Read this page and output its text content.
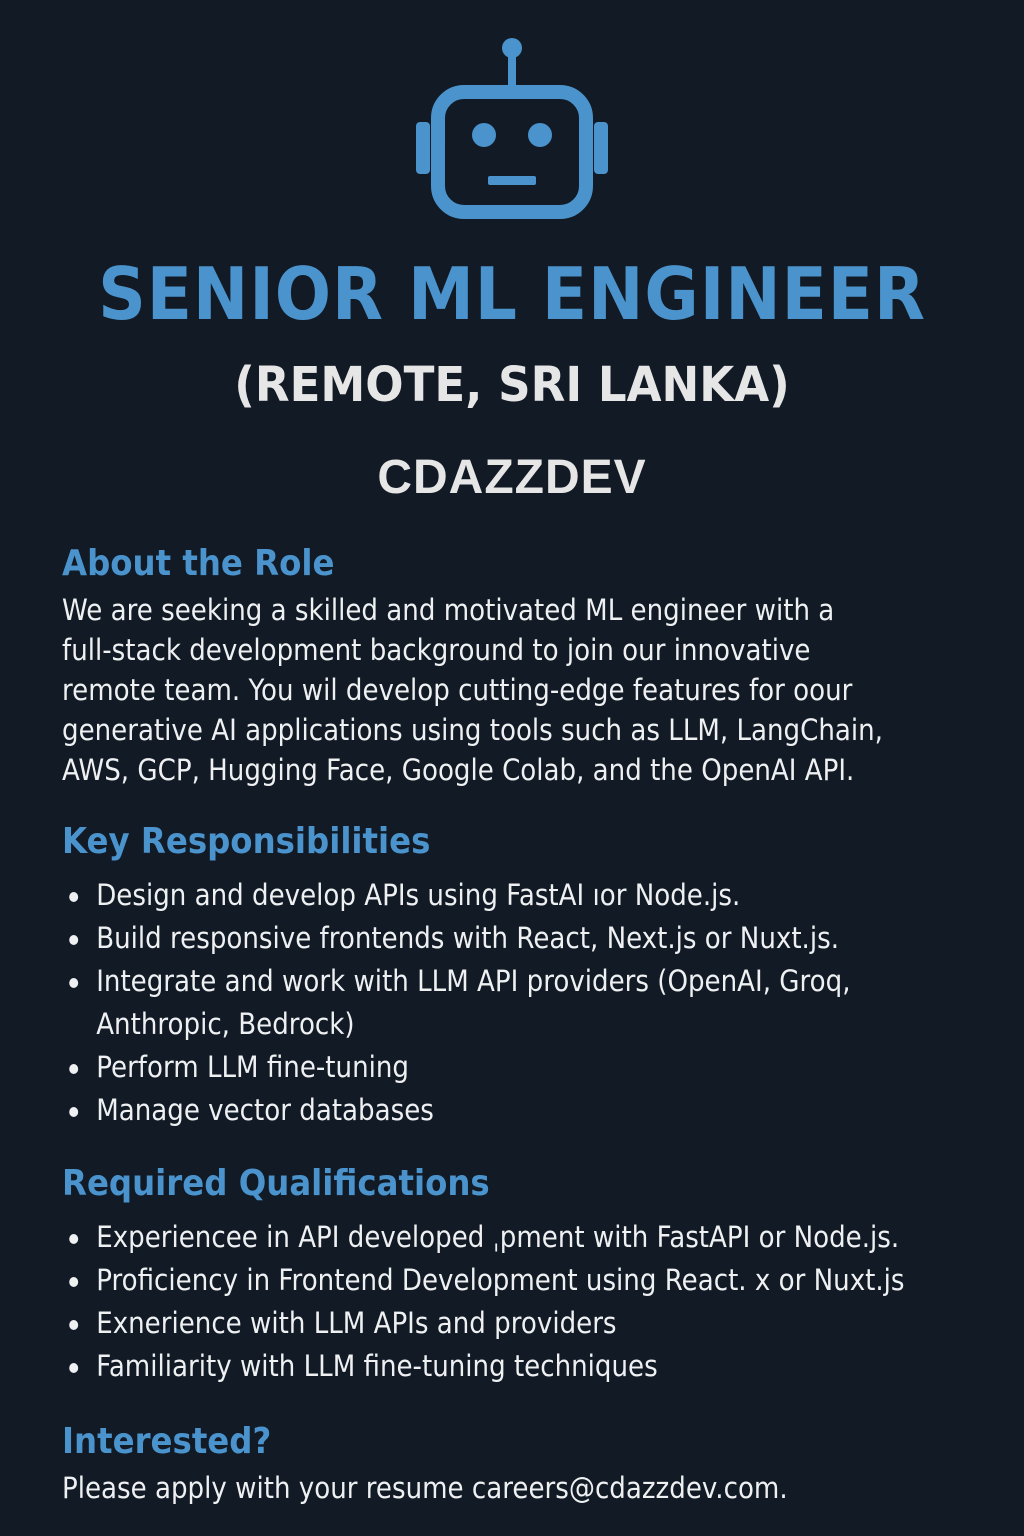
SENIOR ML ENGINEER
(REMOTE, SRI LANKA)
CDAZZDEV
About the Role

We are seeking a skilled and motivated ML engineer with a
full-stack development background to join our innovative
remote team. You wil develop cutting-edge features for oour
generative AI applications using tools such as LLM, LangChain,
AWS, GCP, Hugging Face, Google Colab, and the OpenAI API.

Key Responsibilities
Design and develop APIs using FastAI ıor Node.js.
Build responsive frontends with React, Next.js or Nuxt.js.
Integrate and work with LLM API providers (OpenAI, Groq, Anthropic, Bedrock)
Perform LLM fine-tuning
Manage vector databases
Required Qualifications
Experiencee in API developed ˌpment with FastAPI or Node.js.
Proficiency in Frontend Development using React. x or Nuxt.js
Exnerience with LLM APIs and providers
Familiarity with LLM fine-tuning techniques
Interested?

Please apply with your resume careers@cdazzdev.com.
